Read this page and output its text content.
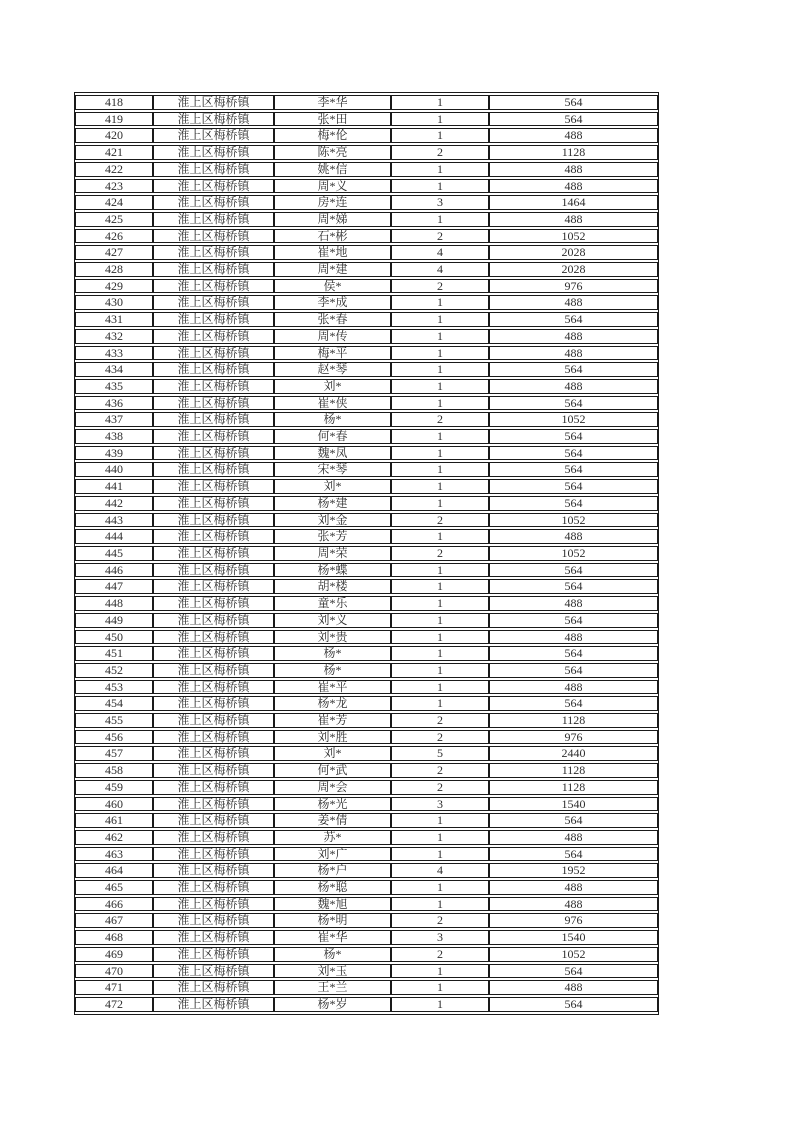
418	淮上区梅桥镇	李*华	1	564
419	淮上区梅桥镇	张*田	1	564
420	淮上区梅桥镇	梅*伦	1	488
421	淮上区梅桥镇	陈*亮	2	1128
422	淮上区梅桥镇	姚*信	1	488
423	淮上区梅桥镇	周*义	1	488
424	淮上区梅桥镇	房*连	3	1464
425	淮上区梅桥镇	周*娣	1	488
426	淮上区梅桥镇	石*彬	2	1052
427	淮上区梅桥镇	崔*地	4	2028
428	淮上区梅桥镇	周*建	4	2028
429	淮上区梅桥镇	侯*	2	976
430	淮上区梅桥镇	李*成	1	488
431	淮上区梅桥镇	张*春	1	564
432	淮上区梅桥镇	周*传	1	488
433	淮上区梅桥镇	梅*平	1	488
434	淮上区梅桥镇	赵*琴	1	564
435	淮上区梅桥镇	刘*	1	488
436	淮上区梅桥镇	崔*侠	1	564
437	淮上区梅桥镇	杨*	2	1052
438	淮上区梅桥镇	何*春	1	564
439	淮上区梅桥镇	魏*凤	1	564
440	淮上区梅桥镇	宋*琴	1	564
441	淮上区梅桥镇	刘*	1	564
442	淮上区梅桥镇	杨*建	1	564
443	淮上区梅桥镇	刘*金	2	1052
444	淮上区梅桥镇	张*芳	1	488
445	淮上区梅桥镇	周*荣	2	1052
446	淮上区梅桥镇	杨*蝶	1	564
447	淮上区梅桥镇	胡*楼	1	564
448	淮上区梅桥镇	童*乐	1	488
449	淮上区梅桥镇	刘*义	1	564
450	淮上区梅桥镇	刘*贵	1	488
451	淮上区梅桥镇	杨*	1	564
452	淮上区梅桥镇	杨*	1	564
453	淮上区梅桥镇	崔*平	1	488
454	淮上区梅桥镇	杨*龙	1	564
455	淮上区梅桥镇	崔*芳	2	1128
456	淮上区梅桥镇	刘*胜	2	976
457	淮上区梅桥镇	刘*	5	2440
458	淮上区梅桥镇	何*武	2	1128
459	淮上区梅桥镇	周*会	2	1128
460	淮上区梅桥镇	杨*光	3	1540
461	淮上区梅桥镇	姜*倩	1	564
462	淮上区梅桥镇	苏*	1	488
463	淮上区梅桥镇	刘*广	1	564
464	淮上区梅桥镇	杨*户	4	1952
465	淮上区梅桥镇	杨*聪	1	488
466	淮上区梅桥镇	魏*旭	1	488
467	淮上区梅桥镇	杨*明	2	976
468	淮上区梅桥镇	崔*华	3	1540
469	淮上区梅桥镇	杨*	2	1052
470	淮上区梅桥镇	刘*玉	1	564
471	淮上区梅桥镇	王*兰	1	488
472	淮上区梅桥镇	杨*岁	1	564
